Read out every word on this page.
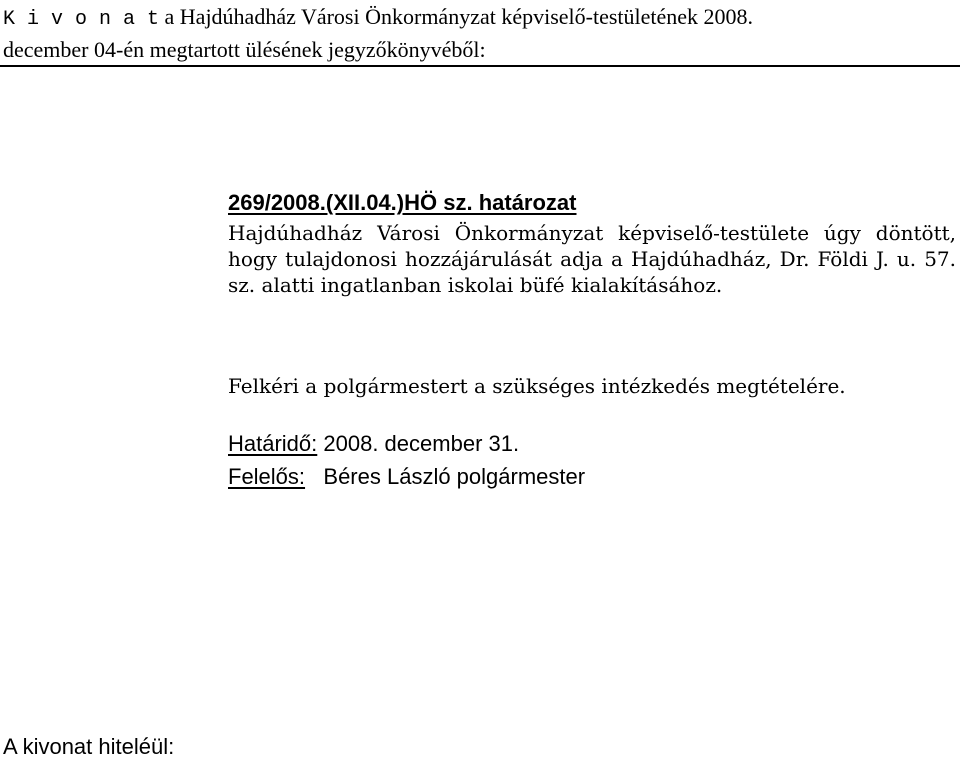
K i v o n a t a Hajdúhadház Városi Önkormányzat képviselő-testületének 2008.
december 04-én megtartott ülésének jegyzőkönyvéből:
269/2008.(XII.04.)HÖ sz. határozat
Hajdúhadház Városi Önkormányzat képviselő-testülete úgy döntött, hogy tulajdonosi hozzájárulását adja a Hajdúhadház, Dr. Földi J. u. 57. sz. alatti ingatlanban iskolai büfé kialakításához.
Felkéri a polgármestert a szükséges intézkedés megtételére.
Határidő: 2008. december 31.
Felelős: Béres László polgármester
A kivonat hiteléül:
